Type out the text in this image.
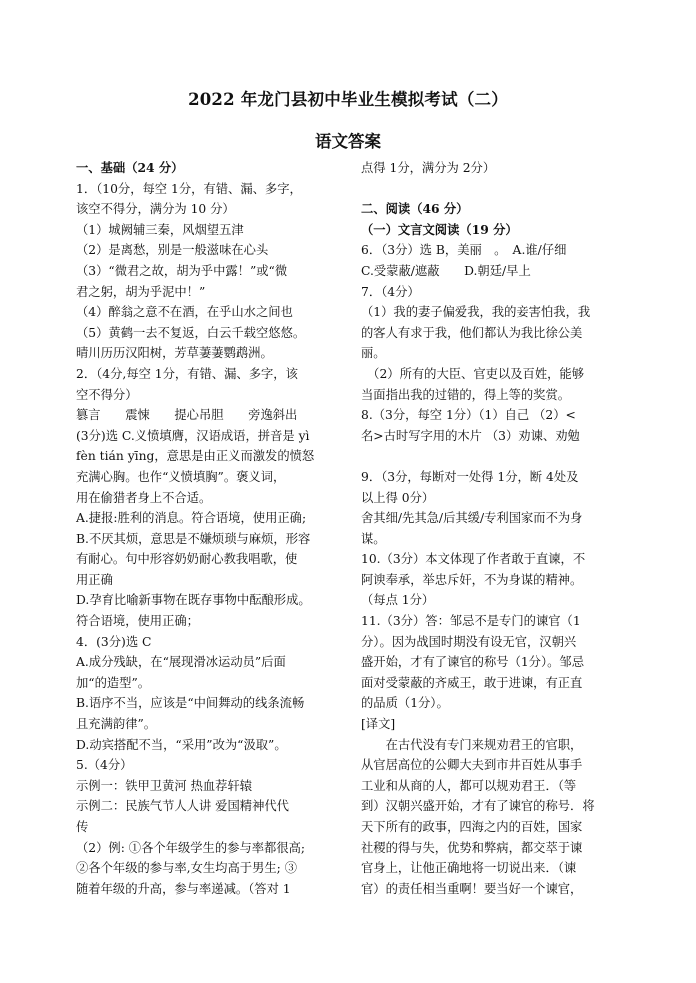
2022 年龙门县初中毕业生模拟考试（二）
语文答案
一、基础（24 分）
1．（10分，每空 1分，有错、漏、多字，
该空不得分，满分为 10 分）
（1）城阙辅三秦，风烟望五津
（2）是离愁，别是一般滋味在心头
（3）“微君之故，胡为乎中露！”或“微
君之躬，胡为乎泥中！”
（4）醉翁之意不在酒，在乎山水之间也
（5）黄鹤一去不复返，白云千载空悠悠。
晴川历历汉阳树，芳草萋萋鹦鹉洲。
2．（4分,每空 1分，有错、漏、多字，该
空不得分）
篡言　　震悚　　提心吊胆　　旁逸斜出
(3分)选 C.义愤填膺，汉语成语，拼音是 yì
fèn tián yīng，意思是由正义而激发的愤怒
充满心胸。也作“义愤填胸”。褒义词，
用在偷猎者身上不合适。
A.捷报:胜利的消息。符合语境，使用正确;
B.不厌其烦，意思是不嫌烦琐与麻烦，形容
有耐心。句中形容奶奶耐心教我唱歌，使
用正确
D.孕育比喻新事物在既存事物中酝酿形成。
符合语境，使用正确；
4．(3分)选 C
A.成分残缺，在“展现滑冰运动员”后面
加“的造型”。
B.语序不当，应该是“中间舞动的线条流畅
且充满韵律”。
D.动宾搭配不当，“采用”改为“汲取”。
5.（4分）
示例一：铁甲卫黄河 热血荐轩辕
示例二：民族气节人人讲 爱国精神代代
传
（2）例: ①各个年级学生的参与率都很高;
②各个年级的参与率,女生均高于男生; ③
随着年级的升高，参与率递减。（答对 1
点得 1分，满分为 2分）
二、阅读（46 分）
（一）文言文阅读（19 分）
6．（3分）选 B，美丽　。　A.谁/仔细
C.受蒙蔽/遮蔽　　D.朝廷/早上
7．（4分）
（1）我的妻子偏爱我，我的妾害怕我，我
的客人有求于我，他们都认为我比徐公美
丽。
　（2）所有的大臣、官吏以及百姓，能够
当面指出我的过错的，得上等的奖赏。
8.（3分，每空 1分）（1）自己 （2）<
名>古时写字用的木片 （3）劝谏、劝勉
9．（3分，每断对一处得 1分，断 4处及
以上得 0分）
舍其细/先其急/后其缓/专利国家而不为身
谋。
10.（3分）本文体现了作者敢于直谏，不
阿谀奉承，举忠斥奸，不为身谋的精神。
（每点 1分）
11.（3分）答：邹忌不是专门的谏官（1
分）。因为战国时期没有设无官，汉朝兴
盛开始，才有了谏官的称号（1分）。邹忌
面对受蒙蔽的齐威王，敢于进谏，有正直
的品质（1分）。
[译文]
　　在古代没有专门来规劝君王的官职，
从官居高位的公卿大夫到市井百姓从事手
工业和从商的人，都可以规劝君王．（等
到）汉朝兴盛开始，才有了谏官的称号．将
天下所有的政事，四海之内的百姓，国家
社稷的得与失，优势和弊病，都交萃于谏
官身上，让他正确地将一切说出来．（谏
官）的责任相当重啊！要当好一个谏官，
